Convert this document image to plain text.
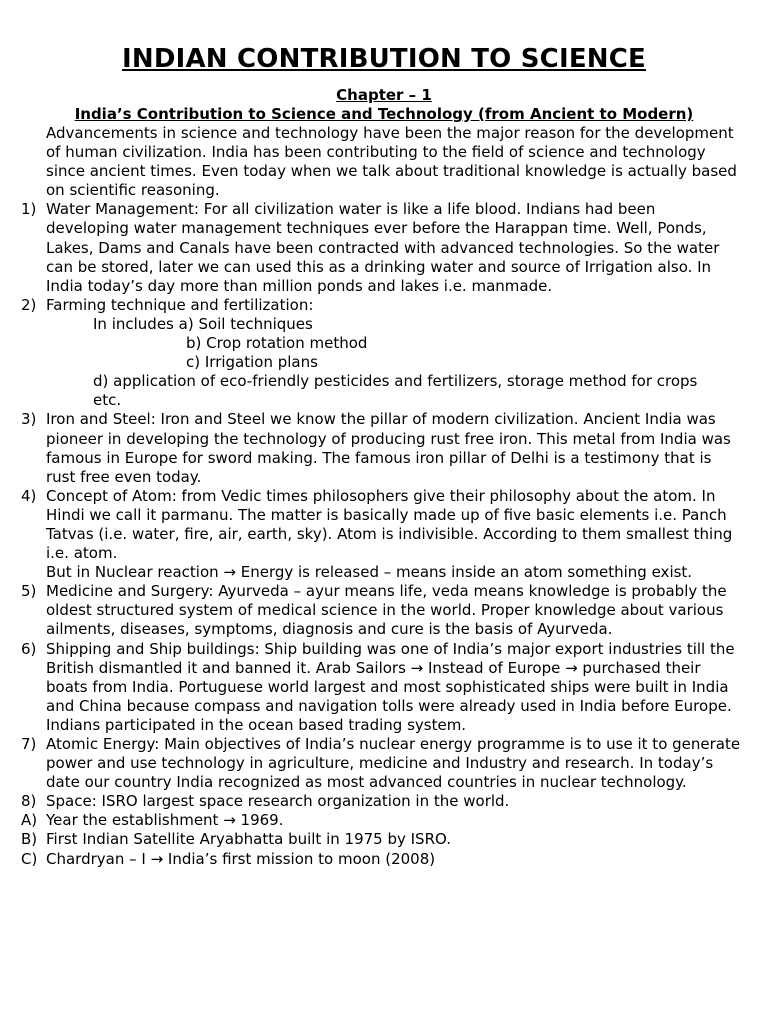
INDIAN CONTRIBUTION TO SCIENCE
Chapter – 1
India’s Contribution to Science and Technology (from Ancient to Modern)
Advancements in science and technology have been the major reason for the development of human civilization. India has been contributing to the field of science and technology since ancient times. Even today when we talk about traditional knowledge is actually based on scientific reasoning.
1) Water Management: For all civilization water is like a life blood. Indians had been developing water management techniques ever before the Harappan time. Well, Ponds, Lakes, Dams and Canals have been contracted with advanced technologies. So the water can be stored, later we can used this as a drinking water and source of Irrigation also. In India today’s day more than million ponds and lakes i.e. manmade.
2) Farming technique and fertilization:
In includes a) Soil techniques
b) Crop rotation method
c) Irrigation plans
d) application of eco-friendly pesticides and fertilizers, storage method for crops etc.
3) Iron and Steel: Iron and Steel we know the pillar of modern civilization. Ancient India was pioneer in developing the technology of producing rust free iron. This metal from India was famous in Europe for sword making. The famous iron pillar of Delhi is a testimony that is rust free even today.
4) Concept of Atom: from Vedic times philosophers give their philosophy about the atom. In Hindi we call it parmanu. The matter is basically made up of five basic elements i.e. Panch Tatvas (i.e. water, fire, air, earth, sky). Atom is indivisible. According to them smallest thing i.e. atom.
But in Nuclear reaction → Energy is released – means inside an atom something exist.
5) Medicine and Surgery: Ayurveda – ayur means life, veda means knowledge is probably the oldest structured system of medical science in the world. Proper knowledge about various ailments, diseases, symptoms, diagnosis and cure is the basis of Ayurveda.
6) Shipping and Ship buildings: Ship building was one of India’s major export industries till the British dismantled it and banned it. Arab Sailors → Instead of Europe → purchased their boats from India. Portuguese world largest and most sophisticated ships were built in India and China because compass and navigation tolls were already used in India before Europe. Indians participated in the ocean based trading system.
7) Atomic Energy: Main objectives of India’s nuclear energy programme is to use it to generate power and use technology in agriculture, medicine and Industry and research. In today’s date our country India recognized as most advanced countries in nuclear technology.
8) Space: ISRO largest space research organization in the world.
A) Year the establishment → 1969.
B) First Indian Satellite Aryabhatta built in 1975 by ISRO.
C) Chardryan – I → India’s first mission to moon (2008)
